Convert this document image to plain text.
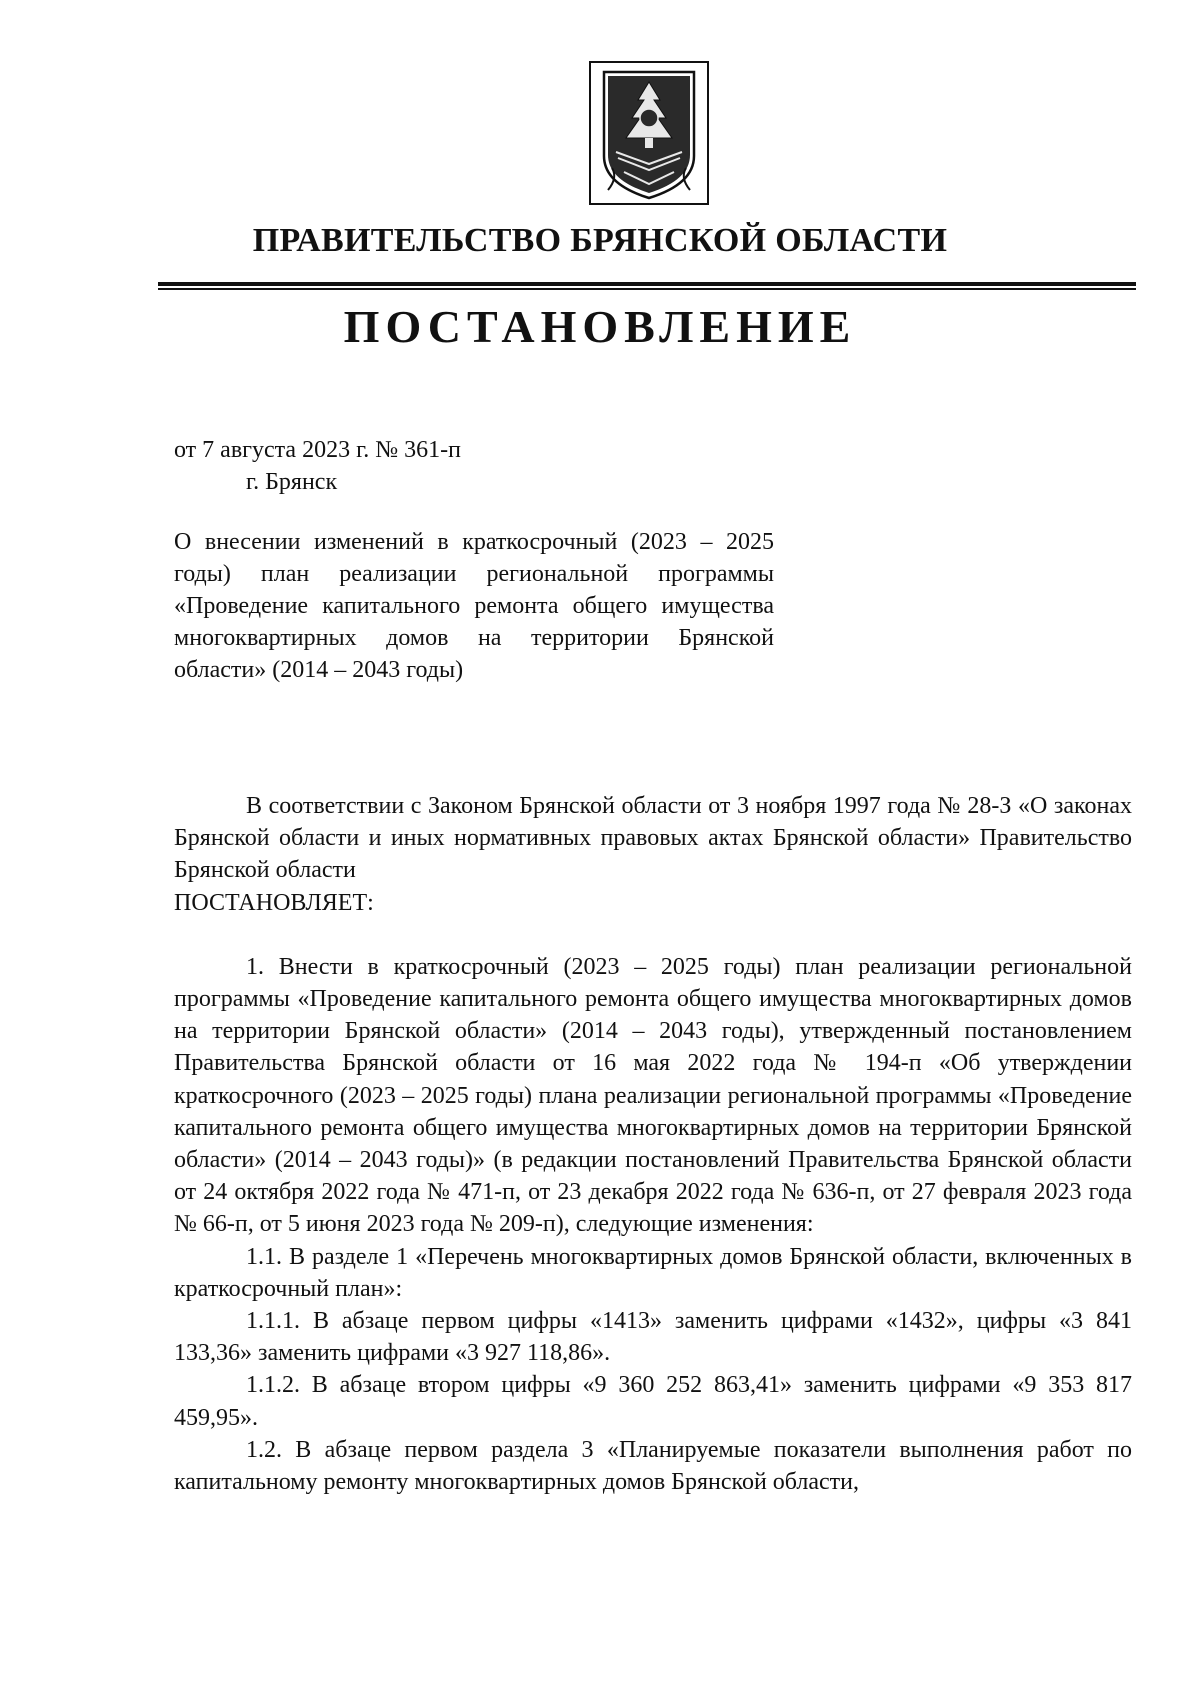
ПРАВИТЕЛЬСТВО БРЯНСКОЙ ОБЛАСТИ
ПОСТАНОВЛЕНИЕ
от 7 августа 2023 г. № 361-п
г. Брянск
О внесении изменений в краткосрочный (2023 – 2025 годы) план реализации региональной программы «Проведение капитального ремонта общего имущества многоквартирных домов на территории Брянской области» (2014 – 2043 годы)

В соответствии с Законом Брянской области от 3 ноября 1997 года № 28-З «О законах Брянской области и иных нормативных правовых актах Брянской области» Правительство Брянской области

ПОСТАНОВЛЯЕТ:

1. Внести в краткосрочный (2023 – 2025 годы) план реализации региональной программы «Проведение капитального ремонта общего имущества многоквартирных домов на территории Брянской области» (2014 – 2043 годы), утвержденный постановлением Правительства Брянской области от 16 мая 2022 года № 194-п «Об утверждении краткосрочного (2023 – 2025 годы) плана реализации региональной программы «Проведение капитального ремонта общего имущества многоквартирных домов на территории Брянской области» (2014 – 2043 годы)» (в редакции постановлений Правительства Брянской области от 24 октября 2022 года № 471-п, от 23 декабря 2022 года № 636-п, от 27 февраля 2023 года № 66-п, от 5 июня 2023 года № 209-п), следующие изменения:

1.1. В разделе 1 «Перечень многоквартирных домов Брянской области, включенных в краткосрочный план»:

1.1.1. В абзаце первом цифры «1413» заменить цифрами «1432», цифры «3 841 133,36» заменить цифрами «3 927 118,86».

1.1.2. В абзаце втором цифры «9 360 252 863,41» заменить цифрами «9 353 817 459,95».

1.2. В абзаце первом раздела 3 «Планируемые показатели выполнения работ по капитальному ремонту многоквартирных домов Брянской области,
